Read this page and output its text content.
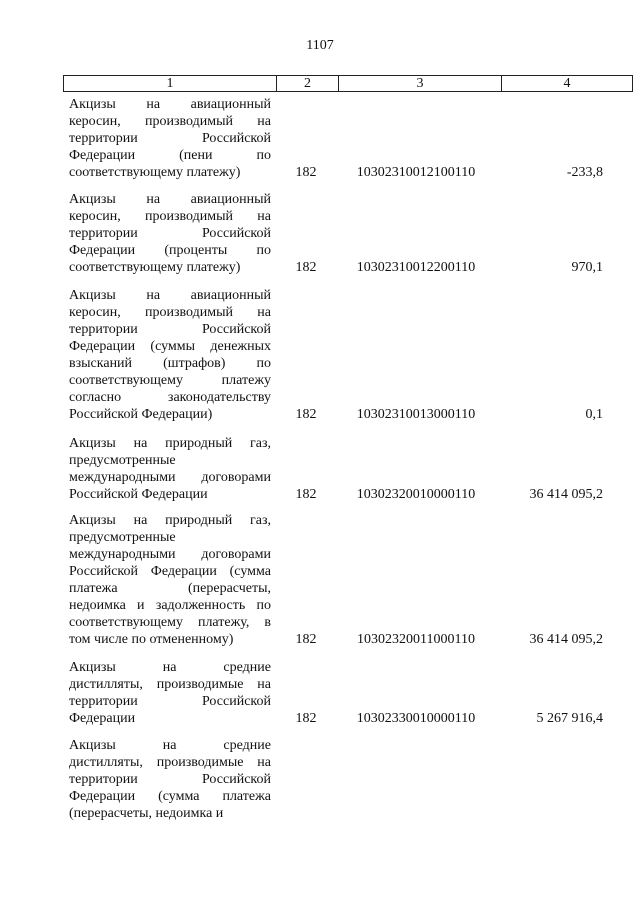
1107
1	2	3	4
Акцизы на авиационный
керосин, производимый на
территории Российской
Федерации (пени по
соответствующему платежу)	182	10302310012100110	-233,8
Акцизы на авиационный
керосин, производимый на
территории Российской
Федерации (проценты по
соответствующему платежу)	182	10302310012200110	970,1
Акцизы на авиационный
керосин, производимый на
территории Российской
Федерации (суммы денежных
взысканий (штрафов) по
соответствующему платежу
согласно законодательству
Российской Федерации)	182	10302310013000110	0,1
Акцизы на природный газ,
предусмотренные
международными договорами
Российской Федерации	182	10302320010000110	36 414 095,2
Акцизы на природный газ,
предусмотренные
международными договорами
Российской Федерации (сумма
платежа (перерасчеты,
недоимка и задолженность по
соответствующему платежу, в
том числе по отмененному)	182	10302320011000110	36 414 095,2
Акцизы на средние
дистилляты, производимые на
территории Российской
Федерации	182	10302330010000110	5 267 916,4
Акцизы на средние
дистилляты, производимые на
территории Российской
Федерации (сумма платежа
(перерасчеты, недоимка и
